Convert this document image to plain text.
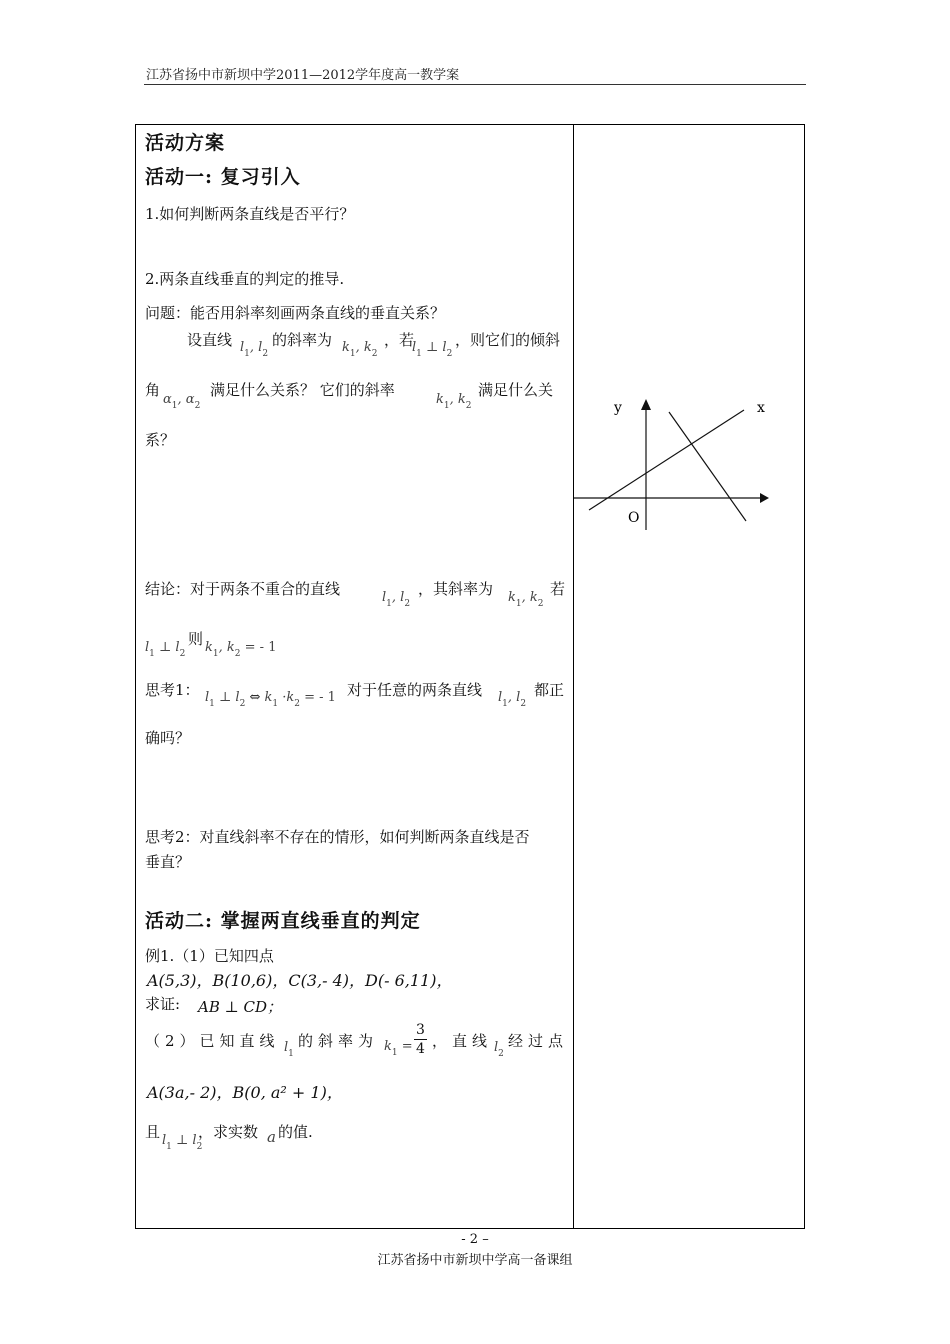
江苏省扬中市新坝中学2011—2012学年度高一教学案
活动方案
活动一: 复习引入
1.如何判断两条直线是否平行？
2.两条直线垂直的判定的推导.
问题：能否用斜率刻画两条直线的垂直关系？
设直线 $l_1$, $l_2$
的斜率为 $k_1$, $k_2$
，若
$l_1$ ⊥ $l_2$
，则它们的倾斜
角
$\alpha_1$, $\alpha_2$
满足什么关系？ 它们的斜率
$k_1$, $k_2$
满足什么关
系？
结论：对于两条不重合的直线	$l_1$, $l_2$
，其斜率为 $k_1$, $k_2$
若
$l_1$ ⊥ $l_2$
则 $k_1$, $k_2$ = - 1
思考1： $l_1$ ⊥ $l_2$ ⇔ $k_1 \cdot k_2$ = - 1 对于任意的两条直线 $l_1$, $l_2$
都正
确吗？
思考2：对直线斜率不存在的情形，如何判断两条直线是否
垂直？
活动二: 掌握两直线垂直的判定
例1.（1）已知四点
A(5,3)，B(10,6)，C(3,- 4)，D(- 6,11)，
求证: AB ⊥ CD；
（2）已知直线 $l_1$
的斜率为 $k_1 = \frac{3}{4}$ ，直线 $l_2$
经过点
A(3a,- 2)，B(0, a² + 1)，
且 $l_1$ ⊥ $l_2$
，求实数 a 的值.
y	x
O
- 2 –
江苏省扬中市新坝中学高一备课组
